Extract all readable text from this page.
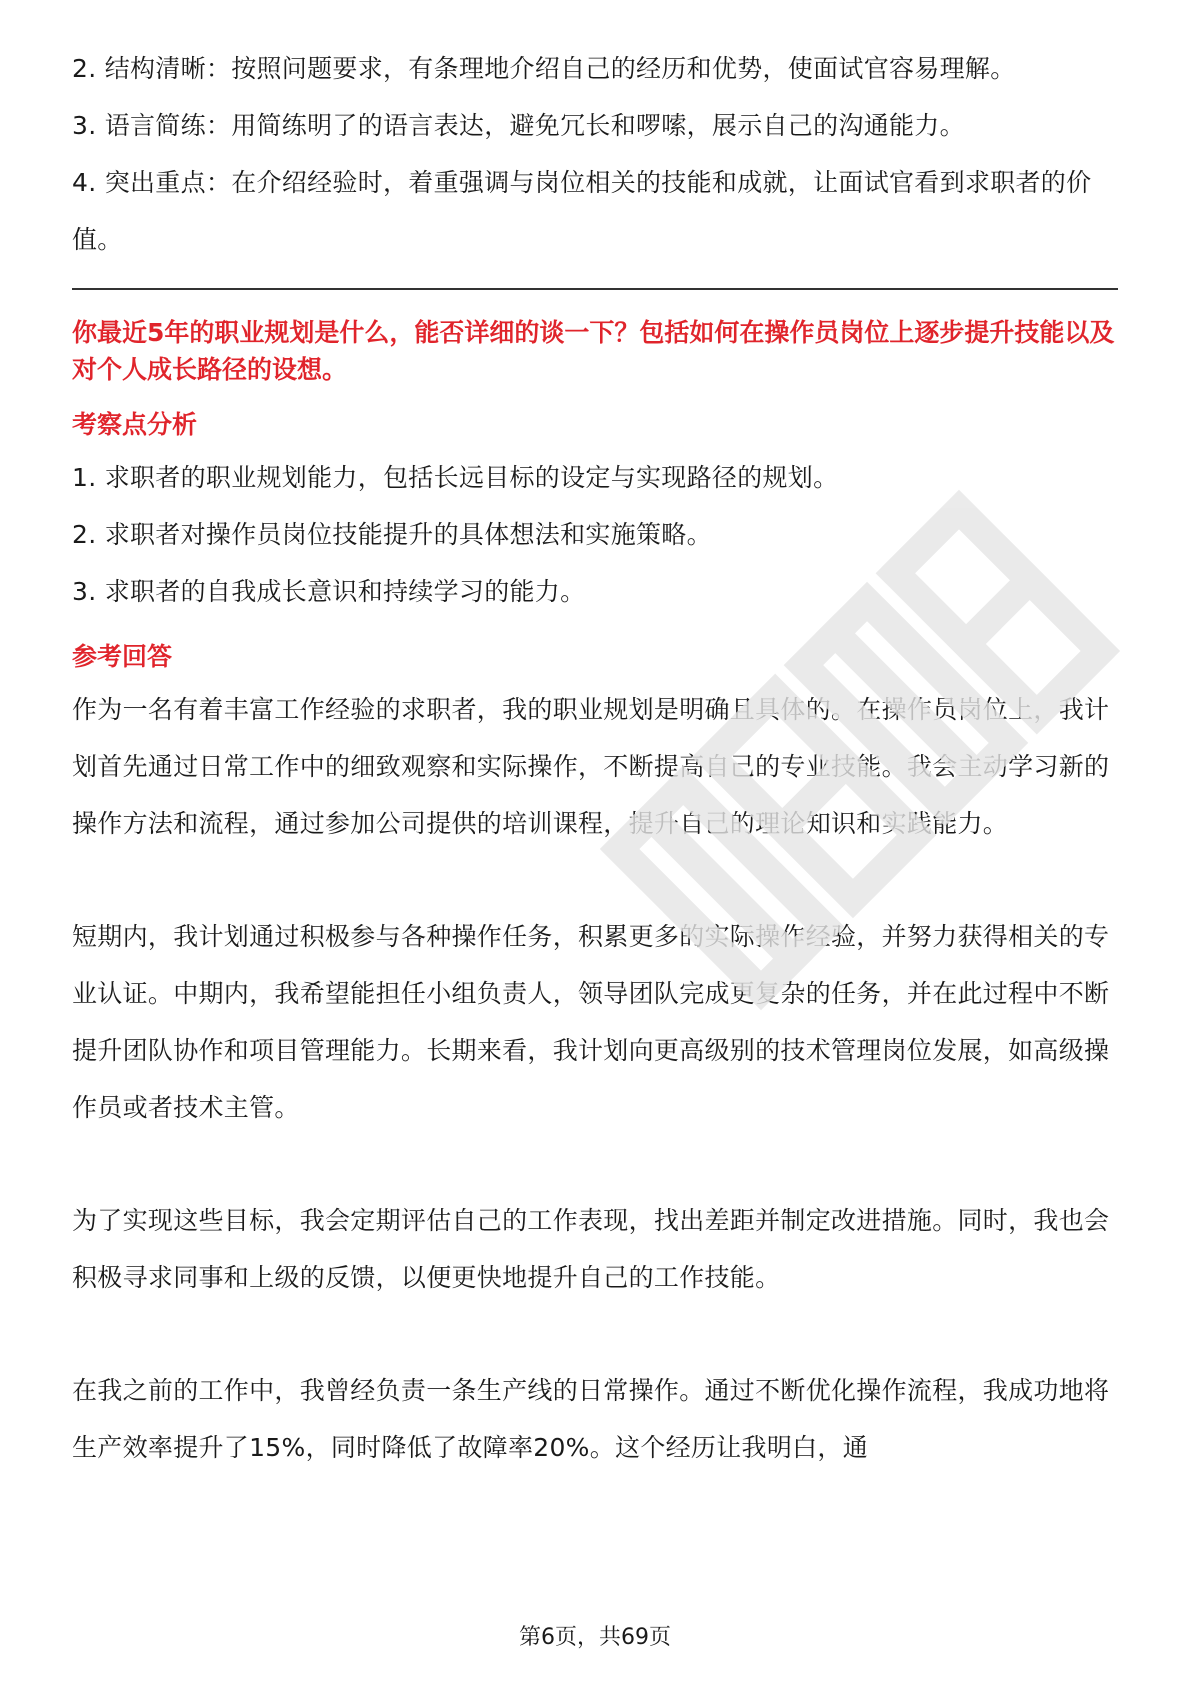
2. 结构清晰：按照问题要求，有条理地介绍自己的经历和优势，使面试官容易理解。

3. 语言简练：用简练明了的语言表达，避免冗长和啰嗦，展示自己的沟通能力。

4. 突出重点：在介绍经验时，着重强调与岗位相关的技能和成就，让面试官看到求职者的价值。

你最近5年的职业规划是什么，能否详细的谈一下？包括如何在操作员岗位上逐步提升技能以及对个人成长路径的设想。

考察点分析

1. 求职者的职业规划能力，包括长远目标的设定与实现路径的规划。

2. 求职者对操作员岗位技能提升的具体想法和实施策略。

3. 求职者的自我成长意识和持续学习的能力。

参考回答

作为一名有着丰富工作经验的求职者，我的职业规划是明确且具体的。在操作员岗位上，我计划首先通过日常工作中的细致观察和实际操作，不断提高自己的专业技能。我会主动学习新的操作方法和流程，通过参加公司提供的培训课程，提升自己的理论知识和实践能力。

短期内，我计划通过积极参与各种操作任务，积累更多的实际操作经验，并努力获得相关的专业认证。中期内，我希望能担任小组负责人，领导团队完成更复杂的任务，并在此过程中不断提升团队协作和项目管理能力。长期来看，我计划向更高级别的技术管理岗位发展，如高级操作员或者技术主管。

为了实现这些目标，我会定期评估自己的工作表现，找出差距并制定改进措施。同时，我也会积极寻求同事和上级的反馈，以便更快地提升自己的工作技能。

在我之前的工作中，我曾经负责一条生产线的日常操作。通过不断优化操作流程，我成功地将生产效率提升了15%，同时降低了故障率20%。这个经历让我明白，通

第6页，共69页
